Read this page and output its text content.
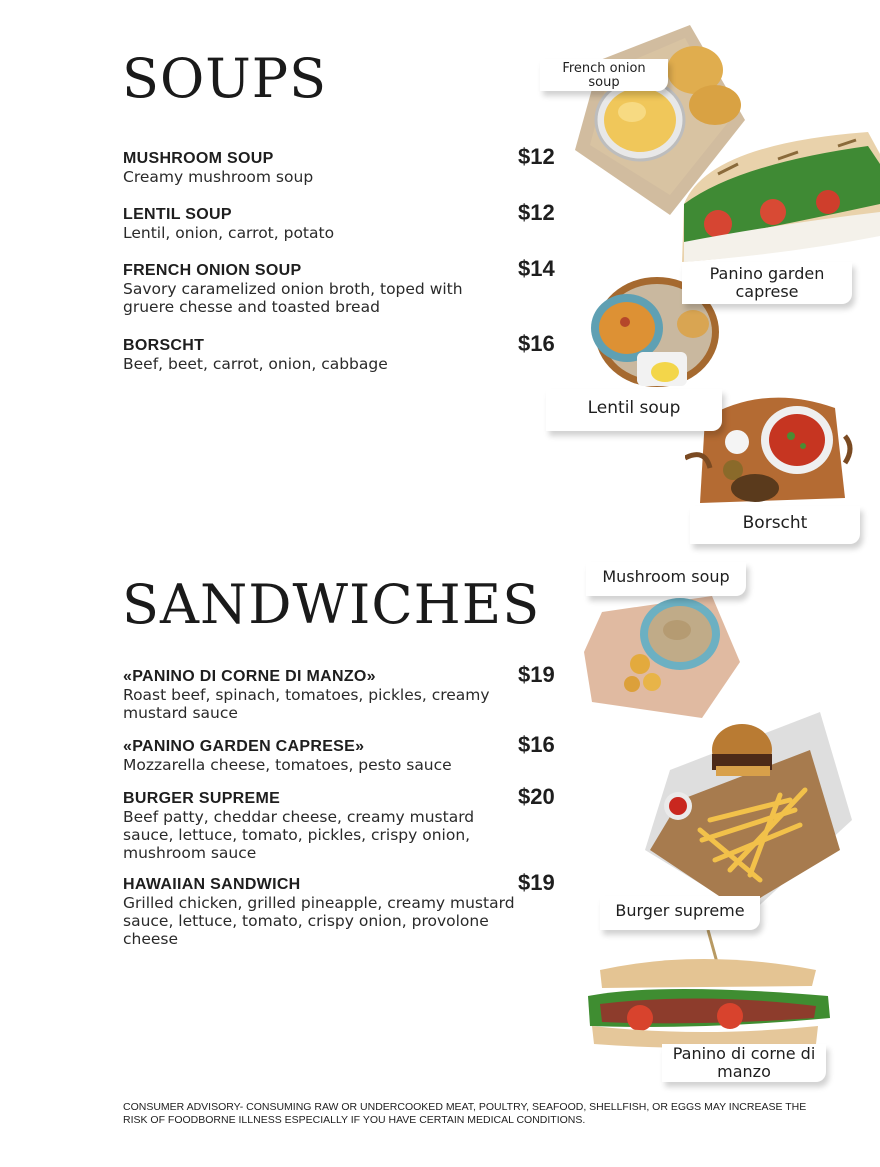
SOUPS
MUSHROOM SOUP
Creamy mushroom soup
$12
LENTIL SOUP
Lentil, onion, carrot, potato
$12
FRENCH ONION SOUP
Savory caramelized onion broth, toped with gruere chesse and toasted bread
$14
BORSCHT
Beef, beet, carrot, onion, cabbage
$16
SANDWICHES
«PANINO DI CORNE DI MANZO»
Roast beef, spinach, tomatoes, pickles, creamy mustard sauce
$19
«PANINO GARDEN CAPRESE»
Mozzarella cheese, tomatoes, pesto sauce
$16
BURGER SUPREME
Beef patty, cheddar cheese, creamy mustard sauce, lettuce, tomato, pickles, crispy onion, mushroom sauce
$20
HAWAIIAN SANDWICH
Grilled chicken, grilled pineapple, creamy mustard sauce, lettuce, tomato, crispy onion, provolone cheese
$19
French onion soup
Panino garden caprese
Lentil soup
Borscht
Mushroom soup
Burger supreme
Panino di corne di manzo
CONSUMER ADVISORY- CONSUMING RAW OR UNDERCOOKED MEAT, POULTRY, SEAFOOD, SHELLFISH, OR EGGS MAY INCREASE THE RISK OF FOODBORNE ILLNESS ESPECIALLY IF YOU HAVE CERTAIN MEDICAL CONDITIONS.
